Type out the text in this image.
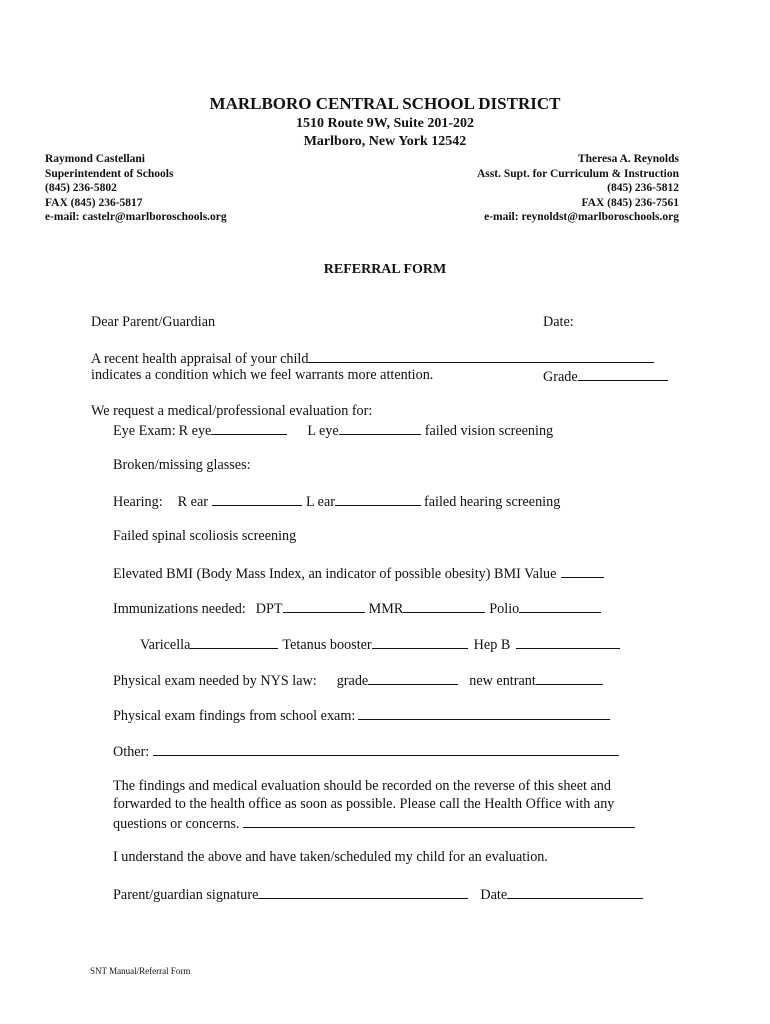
MARLBORO CENTRAL SCHOOL DISTRICT
1510 Route 9W, Suite 201-202
Marlboro, New York 12542
Raymond Castellani
Superintendent of Schools
(845) 236-5802
FAX (845) 236-5817
e-mail: castelr@marlboroschools.org
Theresa A. Reynolds
Asst. Supt. for Curriculum & Instruction
(845) 236-5812
FAX (845) 236-7561
e-mail: reynoldst@marlboroschools.org
REFERRAL FORM
Dear Parent/Guardian	Date:
A recent health appraisal of your child
indicates a condition which we feel warrants more attention.	Grade
We request a medical/professional evaluation for:
Eye Exam: R eye	L eye	failed vision screening
Broken/missing glasses:
Hearing: R ear	L ear	failed hearing screening
Failed spinal scoliosis screening
Elevated BMI (Body Mass Index, an indicator of possible obesity) BMI Value
Immunizations needed: DPT	MMR	Polio
Varicella	Tetanus booster	Hep B
Physical exam needed by NYS law: grade	new entrant
Physical exam findings from school exam:
Other:
The findings and medical evaluation should be recorded on the reverse of this sheet and
forwarded to the health office as soon as possible. Please call the Health Office with any
questions or concerns.
I understand the above and have taken/scheduled my child for an evaluation.
Parent/guardian signature	Date
SNT Manual/Referral Form
